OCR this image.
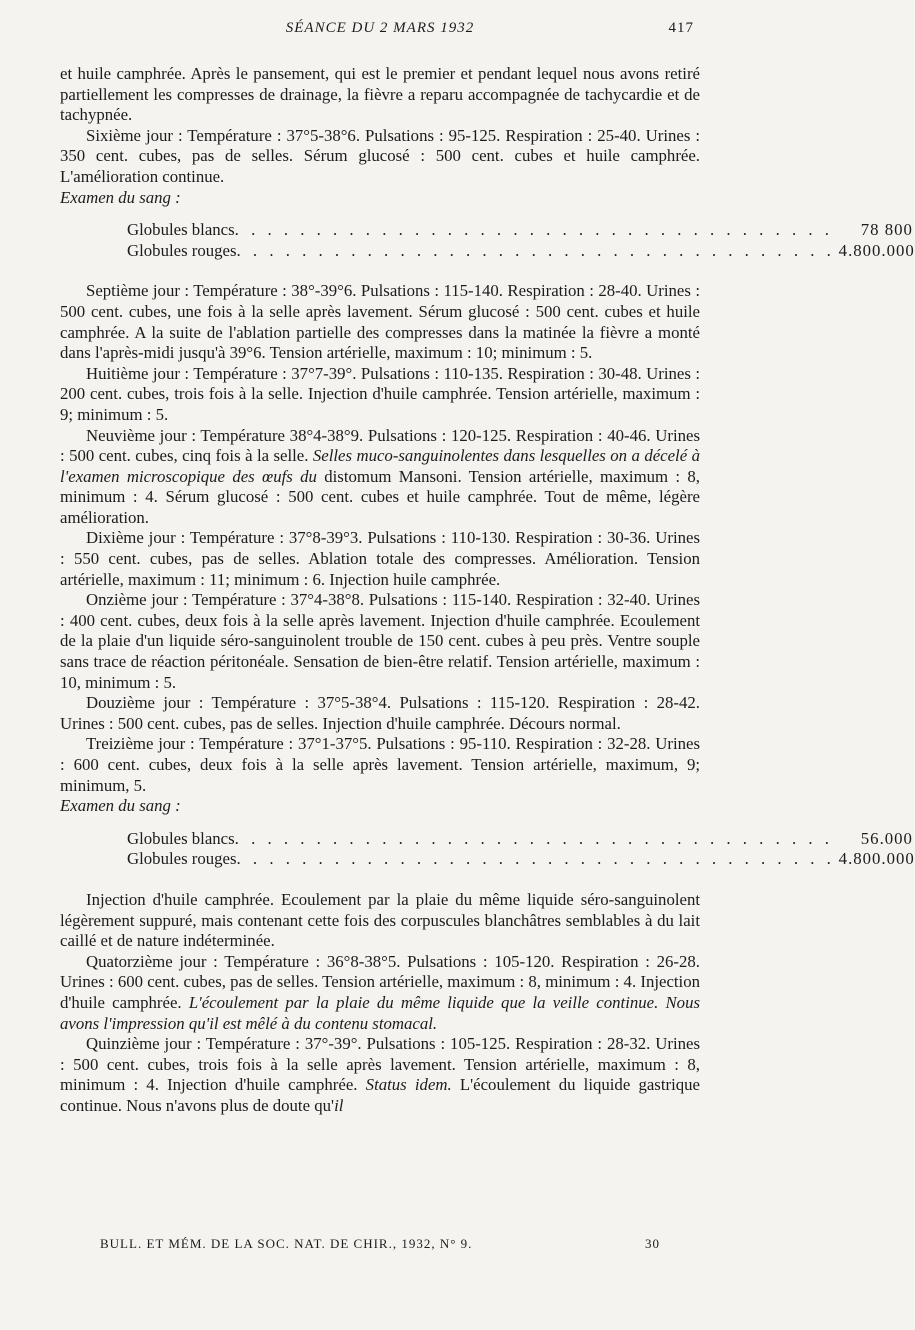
SÉANCE DU 2 MARS 1932	417

et huile camphrée. Après le pansement, qui est le premier et pendant lequel nous avons retiré partiellement les compresses de drainage, la fièvre a reparu accompagnée de tachycardie et de tachypnée.

Sixième jour : Température : 37°5-38°6. Pulsations : 95-125. Respiration : 25-40. Urines : 350 cent. cubes, pas de selles. Sérum glucosé : 500 cent. cubes et huile camphrée. L'amélioration continue.

Examen du sang :

Globules blancs . . . . . . . . . . . . . . . . . . . . . . . . . . . . . . . . . . . . .	78 800
Globules rouges . . . . . . . . . . . . . . . . . . . . . . . . . . . . . . . . . . . . . 4.800.000

Septième jour : Température : 38°-39°6. Pulsations : 115-140. Respiration : 28-40. Urines : 500 cent. cubes, une fois à la selle après lavement. Sérum glucosé : 500 cent. cubes et huile camphrée. A la suite de l'ablation partielle des compresses dans la matinée la fièvre a monté dans l'après-midi jusqu'à 39°6. Tension artérielle, maximum : 10; minimum : 5.

Huitième jour : Température : 37°7-39°. Pulsations : 110-135. Respiration : 30-48. Urines : 200 cent. cubes, trois fois à la selle. Injection d'huile camphrée. Tension artérielle, maximum : 9; minimum : 5.

Neuvième jour : Température 38°4-38°9. Pulsations : 120-125. Respiration : 40-46. Urines : 500 cent. cubes, cinq fois à la selle. Selles muco-sanguinolentes dans lesquelles on a décelé à l'examen microscopique des œufs du distomum Mansoni. Tension artérielle, maximum : 8, minimum : 4. Sérum glucosé : 500 cent. cubes et huile camphrée. Tout de même, légère amélioration.

Dixième jour : Température : 37°8-39°3. Pulsations : 110-130. Respiration : 30-36. Urines : 550 cent. cubes, pas de selles. Ablation totale des compresses. Amélioration. Tension artérielle, maximum : 11; minimum : 6. Injection huile camphrée.

Onzième jour : Température : 37°4-38°8. Pulsations : 115-140. Respiration : 32-40. Urines : 400 cent. cubes, deux fois à la selle après lavement. Injection d'huile camphrée. Ecoulement de la plaie d'un liquide séro-sanguinolent trouble de 150 cent. cubes à peu près. Ventre souple sans trace de réaction péritonéale. Sensation de bien-être relatif. Tension artérielle, maximum : 10, minimum : 5.

Douzième jour : Température : 37°5-38°4. Pulsations : 115-120. Respiration : 28-42. Urines : 500 cent. cubes, pas de selles. Injection d'huile camphrée. Décours normal.

Treizième jour : Température : 37°1-37°5. Pulsations : 95-110. Respiration : 32-28. Urines : 600 cent. cubes, deux fois à la selle après lavement. Tension artérielle, maximum, 9; minimum, 5.

Examen du sang :

Globules blancs . . . . . . . . . . . . . . . . . . . . . . . . . . . . . . . . . . . . .	56.000
Globules rouges . . . . . . . . . . . . . . . . . . . . . . . . . . . . . . . . . . . . . 4.800.000

Injection d'huile camphrée. Ecoulement par la plaie du même liquide séro-sanguinolent légèrement suppuré, mais contenant cette fois des corpuscules blanchâtres semblables à du lait caillé et de nature indéterminée.

Quatorzième jour : Température : 36°8-38°5. Pulsations : 105-120. Respiration : 26-28. Urines : 600 cent. cubes, pas de selles. Tension artérielle, maximum : 8, minimum : 4. Injection d'huile camphrée. L'écoulement par la plaie du même liquide que la veille continue. Nous avons l'impression qu'il est mêlé à du contenu stomacal.

Quinzième jour : Température : 37°-39°. Pulsations : 105-125. Respiration : 28-32. Urines : 500 cent. cubes, trois fois à la selle après lavement. Tension artérielle, maximum : 8, minimum : 4. Injection d'huile camphrée. Status idem. L'écoulement du liquide gastrique continue. Nous n'avons plus de doute qu'il

BULL. ET MÉM. DE LA SOC. NAT. DE CHIR., 1932, N° 9.	30
